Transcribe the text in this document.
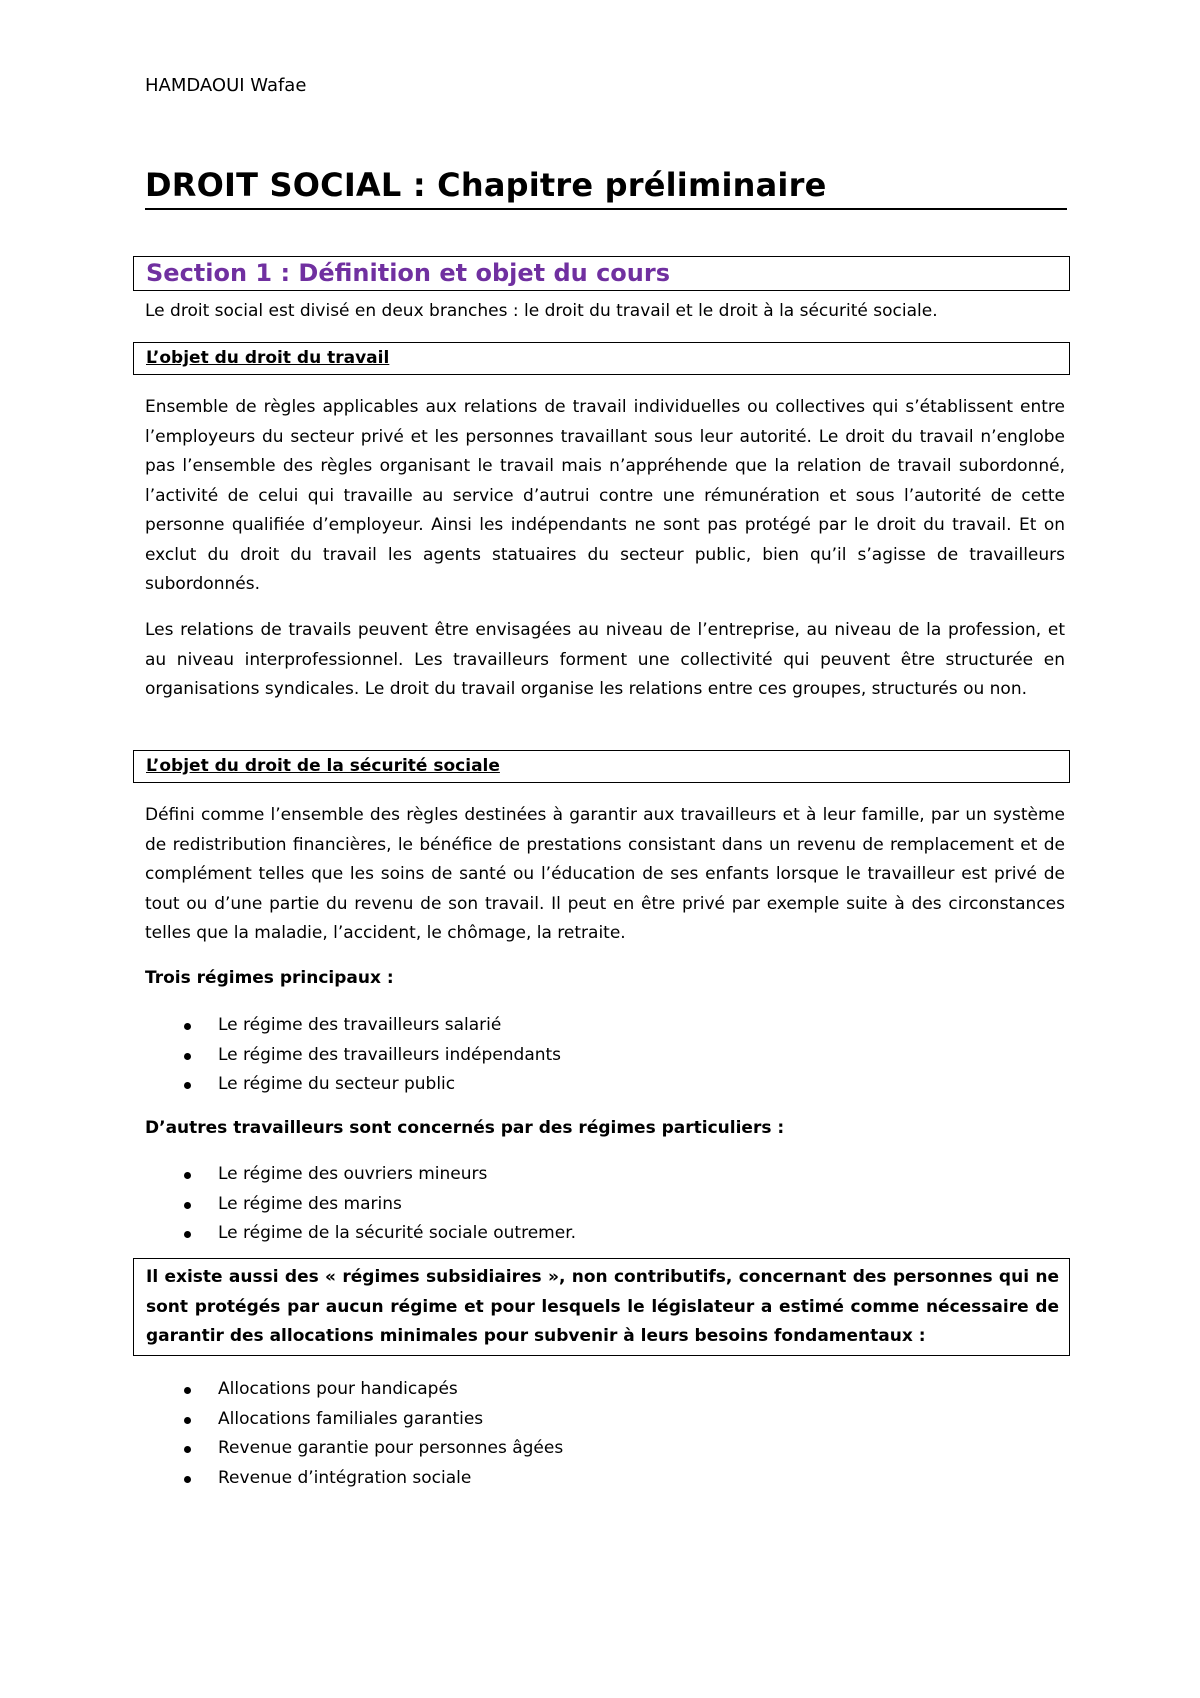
HAMDAOUI Wafae
DROIT SOCIAL : Chapitre préliminaire
Section 1 : Définition et objet du cours
Le droit social est divisé en deux branches : le droit du travail et le droit à la sécurité sociale.
L’objet du droit du travail
Ensemble de règles applicables aux relations de travail individuelles ou collectives qui s’établissent entre l’employeurs du secteur privé et les personnes travaillant sous leur autorité. Le droit du travail n’englobe pas l’ensemble des règles organisant le travail mais n’appréhende que la relation de travail subordonné, l’activité de celui qui travaille au service d’autrui contre une rémunération et sous l’autorité de cette personne qualifiée d’employeur. Ainsi les indépendants ne sont pas protégé par le droit du travail. Et on exclut du droit du travail les agents statuaires du secteur public, bien qu’il s’agisse de travailleurs subordonnés.
Les relations de travails peuvent être envisagées au niveau de l’entreprise, au niveau de la profession, et au niveau interprofessionnel. Les travailleurs forment une collectivité qui peuvent être structurée en organisations syndicales. Le droit du travail organise les relations entre ces groupes, structurés ou non.
L’objet du droit de la sécurité sociale
Défini comme l’ensemble des règles destinées à garantir aux travailleurs et à leur famille, par un système de redistribution financières, le bénéfice de prestations consistant dans un revenu de remplacement et de complément telles que les soins de santé ou l’éducation de ses enfants lorsque le travailleur est privé de tout ou d’une partie du revenu de son travail. Il peut en être privé par exemple suite à des circonstances telles que la maladie, l’accident, le chômage, la retraite.
Trois régimes principaux :
Le régime des travailleurs salarié
Le régime des travailleurs indépendants
Le régime du secteur public
D’autres travailleurs sont concernés par des régimes particuliers :
Le régime des ouvriers mineurs
Le régime des marins
Le régime de la sécurité sociale outremer.
Il existe aussi des « régimes subsidiaires », non contributifs, concernant des personnes qui ne sont protégés par aucun régime et pour lesquels le législateur a estimé comme nécessaire de garantir des allocations minimales pour subvenir à leurs besoins fondamentaux :
Allocations pour handicapés
Allocations familiales garanties
Revenue garantie pour personnes âgées
Revenue d’intégration sociale
